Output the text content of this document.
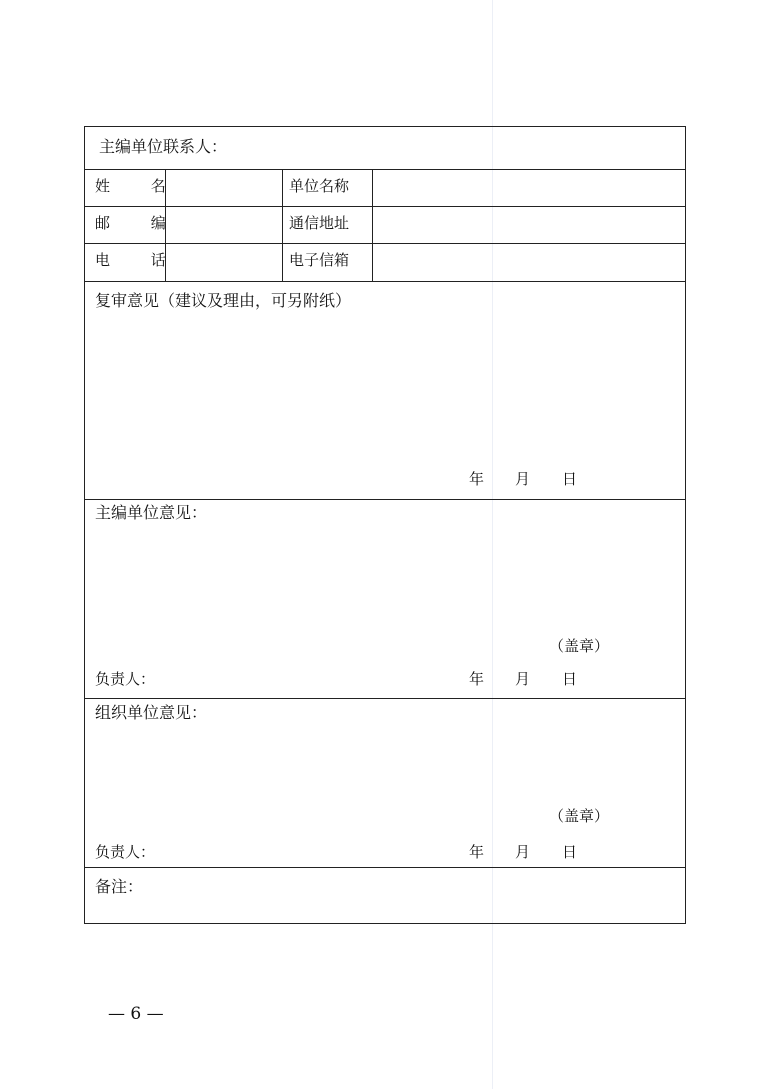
主编单位联系人：
姓 名	单位名称
邮 编	通信地址
电 话	电子信箱
复审意见（建议及理由，可另附纸）
年 月 日
主编单位意见：
（盖章）
负责人：	年 月 日
组织单位意见：
（盖章）
负责人：	年 月 日
备注：
— 6 —
